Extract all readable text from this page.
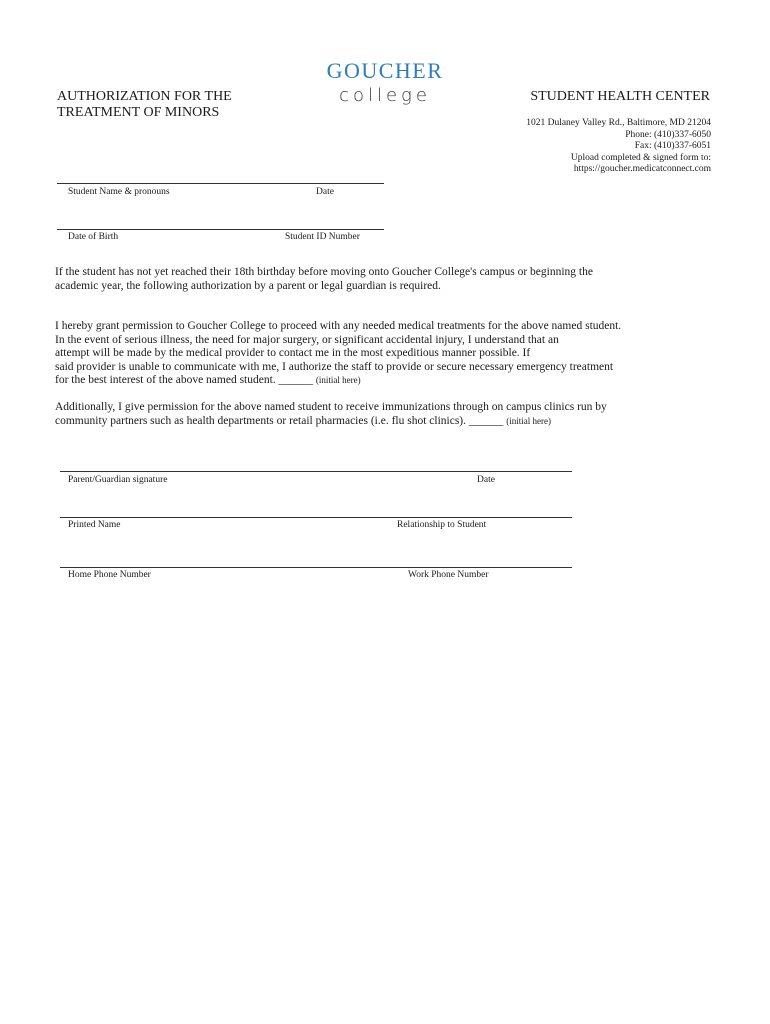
GOUCHER
college
AUTHORIZATION FOR THE
TREATMENT OF MINORS
STUDENT HEALTH CENTER
1021 Dulaney Valley Rd., Baltimore, MD 21204
Phone: (410)337-6050
Fax: (410)337-6051
Upload completed & signed form to:
https://goucher.medicatconnect.com
Student Name & pronouns	Date
Date of Birth	Student ID Number
If the student has not yet reached their 18th birthday before moving onto Goucher College's campus or beginning the
academic year, the following authorization by a parent or legal guardian is required.
I hereby grant permission to Goucher College to proceed with any needed medical treatments for the above named student.
In the event of serious illness, the need for major surgery, or significant accidental injury, I understand that an
attempt will be made by the medical provider to contact me in the most expeditious manner possible. If
said provider is unable to communicate with me, I authorize the staff to provide or secure necessary emergency treatment
for the best interest of the above named student. ______ (initial here)
Additionally, I give permission for the above named student to receive immunizations through on campus clinics run by
community partners such as health departments or retail pharmacies (i.e. flu shot clinics). ______ (initial here)
Parent/Guardian signature	Date
Printed Name	Relationship to Student
Home Phone Number	Work Phone Number
